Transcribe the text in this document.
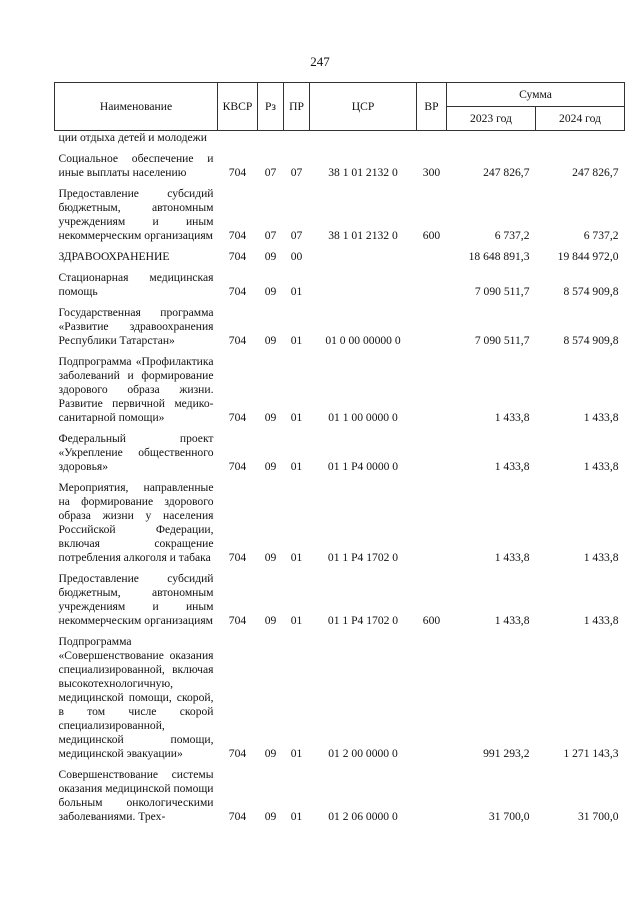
247
Наименование	КВСР	Рз	ПР	ЦСР	ВР	Сумма	
						2023 год	2024 год
ции отдыха детей и молодежи							
Социальное обеспечение и иные выплаты населению	704	07	07	38 1 01 2132 0	300	247 826,7	247 826,7
Предоставление субсидий бюджетным, автономным учреждениям и иным некоммерческим организациям	704	07	07	38 1 01 2132 0	600	6 737,2	6 737,2
ЗДРАВООХРАНЕНИЕ	704	09	00			18 648 891,3	19 844 972,0
Стационарная медицинская помощь	704	09	01			7 090 511,7	8 574 909,8
Государственная программа «Развитие здравоохранения Республики Татарстан»	704	09	01	01 0 00 00000 0		7 090 511,7	8 574 909,8
Подпрограмма «Профилактика заболеваний и формирование здорового образа жизни. Развитие первичной медико-санитарной помощи»	704	09	01	01 1 00 0000 0		1 433,8	1 433,8
Федеральный проект «Укрепление общественного здоровья»	704	09	01	01 1 Р4 0000 0		1 433,8	1 433,8
Мероприятия, направленные на формирование здорового образа жизни у населения Российской Федерации, включая сокращение потребления алкоголя и табака	704	09	01	01 1 Р4 1702 0		1 433,8	1 433,8
Предоставление субсидий бюджетным, автономным учреждениям и иным некоммерческим организациям	704	09	01	01 1 Р4 1702 0	600	1 433,8	1 433,8
Подпрограмма «Совершенствование оказания специализированной, включая высокотехнологичную, медицинской помощи, скорой, в том числе скорой специализированной, медицинской помощи, медицинской эвакуации»	704	09	01	01 2 00 0000 0		991 293,2	1 271 143,3
Совершенствование системы оказания медицинской помощи больным онкологическими заболеваниями. Трех-	704	09	01	01 2 06 0000 0		31 700,0	31 700,0
